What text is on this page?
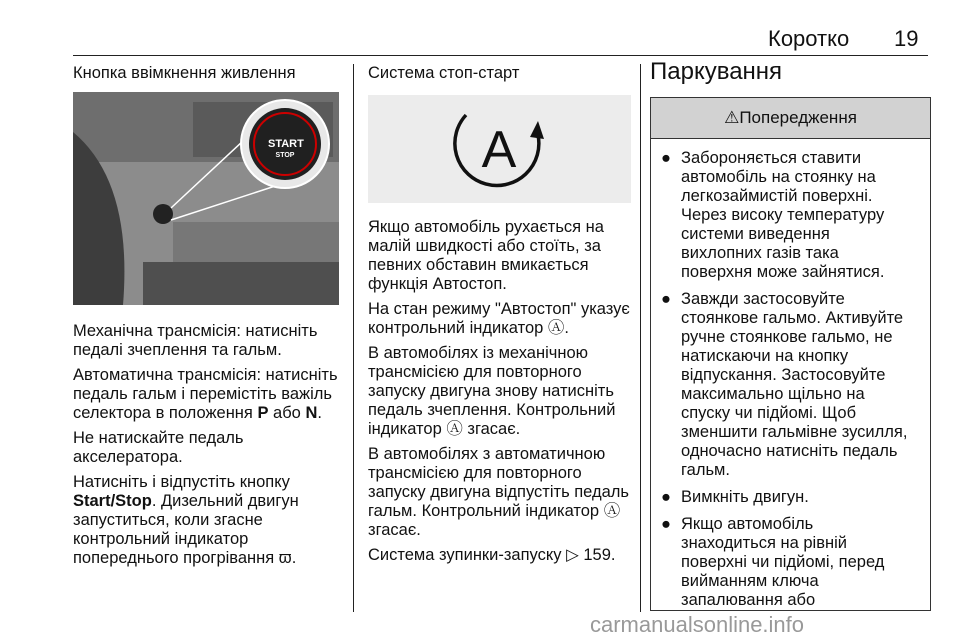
Коротко 19
Кнопка ввімкнення живлення
START
STOP

Механічна трансмісія: натисніть
педалі зчеплення та гальм.

Автоматична трансмісія: натисніть
педаль гальм і перемістіть важіль
селектора в положення P або N.

Не натискайте педаль
акселератора.

Натисніть і відпустіть кнопку
Start/Stop. Дизельний двигун
запуститься, коли згасне
контрольний індикатор
попереднього прогрівання ϖ.

Система стоп-старт
A

Якщо автомобіль рухається на
малій швидкості або стоїть, за
певних обставин вмикається
функція Автостоп.

На стан режиму "Автостоп" указує
контрольний індикатор Ⓐ.

В автомобілях із механічною
трансмісією для повторного
запуску двигуна знову натисніть
педаль зчеплення. Контрольний
індикатор Ⓐ згасає.

В автомобілях з автоматичною
трансмісією для повторного
запуску двигуна відпустіть педаль
гальм. Контрольний індикатор Ⓐ
згасає.

Система зупинки-запуску ▷ 159.

Паркування
⚠Попередження
● Забороняється ставити
автомобіль на стоянку на
легкозаймистій поверхні.
Через високу температуру
системи виведення
вихлопних газів така
поверхня може зайнятися.
● Завжди застосовуйте
стоянкове гальмо. Активуйте
ручне стоянкове гальмо, не
натискаючи на кнопку
відпускання. Застосовуйте
максимально щільно на
спуску чи підйомі. Щоб
зменшити гальмівне зусилля,
одночасно натисніть педаль
гальм.
● Вимкніть двигун.
● Якщо автомобіль
знаходиться на рівній
поверхні чи підйомі, перед
вийманням ключа
запалювання або

carmanualsonline.info
